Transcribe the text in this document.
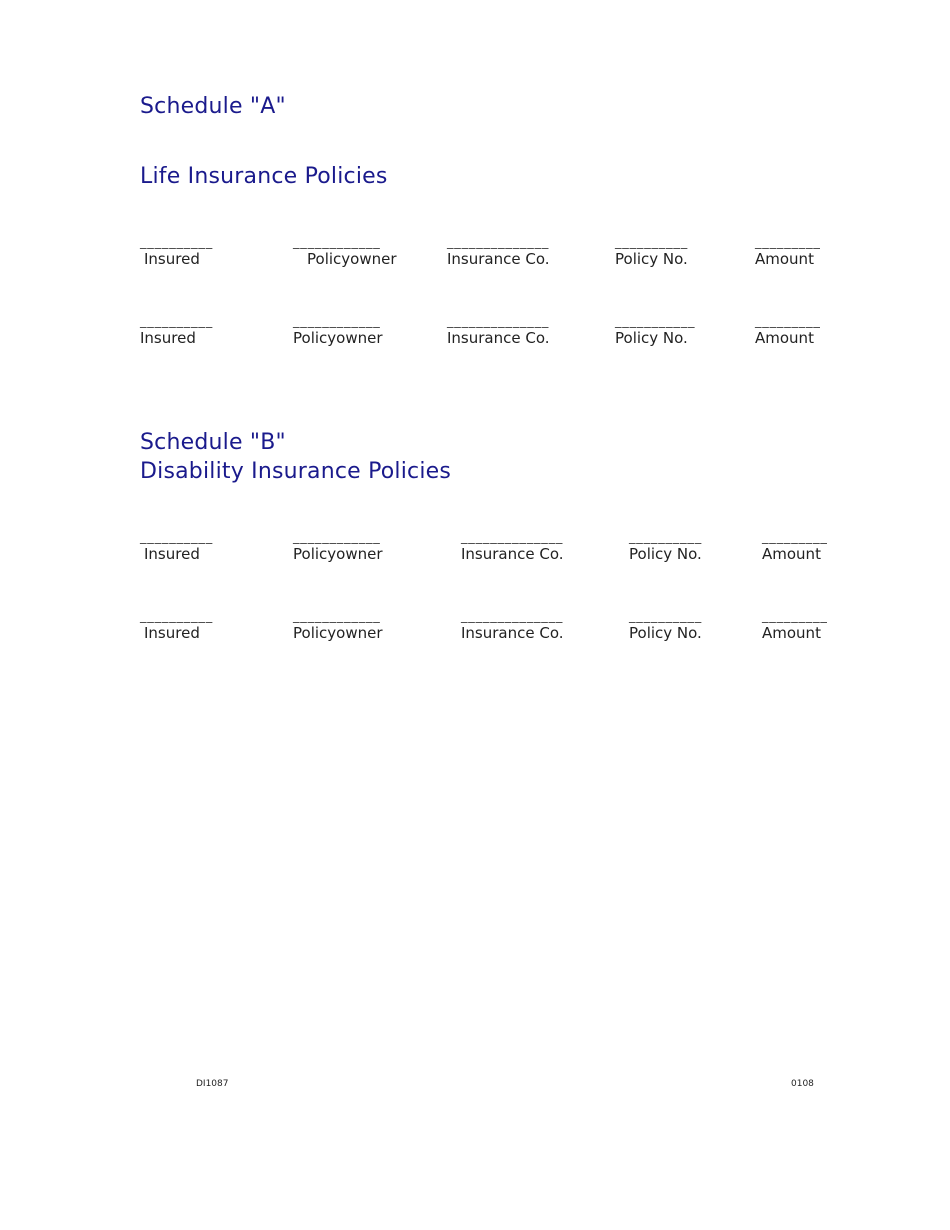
Schedule "A"
Life Insurance Policies
__________
Insured
____________
Policyowner
______________
Insurance Co.
__________
Policy No.
_________
Amount
__________
Insured
____________
Policyowner
______________
Insurance Co.
___________
Policy No.
_________
Amount
Schedule "B"
Disability Insurance Policies
__________
Insured
____________
Policyowner
______________
Insurance Co.
__________
Policy No.
_________
Amount
__________
Insured
____________
Policyowner
______________
Insurance Co.
__________
Policy No.
_________
Amount
DI1087	0108
